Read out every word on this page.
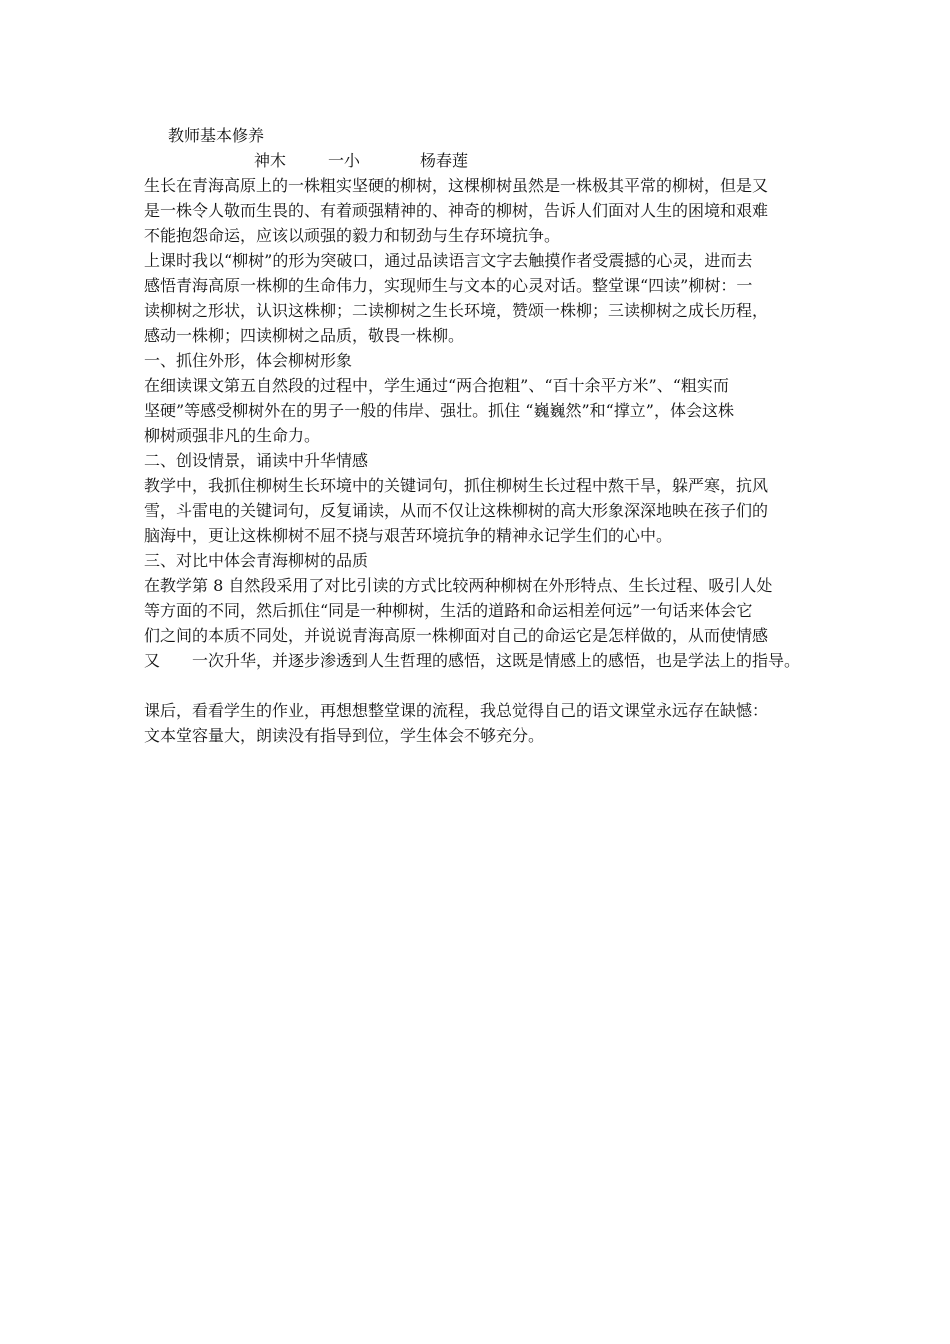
教师基本修养
神木	一小	杨春莲
生长在青海高原上的一株粗实坚硬的柳树，这棵柳树虽然是一株极其平常的柳树，但是又
是一株令人敬而生畏的、有着顽强精神的、神奇的柳树，告诉人们面对人生的困境和艰难
不能抱怨命运，应该以顽强的毅力和韧劲与生存环境抗争。
上课时我以“柳树”的形为突破口，通过品读语言文字去触摸作者受震撼的心灵，进而去
感悟青海高原一株柳的生命伟力，实现师生与文本的心灵对话。整堂课“四读”柳树：一
读柳树之形状，认识这株柳；二读柳树之生长环境，赞颂一株柳；三读柳树之成长历程，
感动一株柳；四读柳树之品质，敬畏一株柳。
一、抓住外形，体会柳树形象
在细读课文第五自然段的过程中，学生通过“两合抱粗”、“百十余平方米”、“粗实而
坚硬”等感受柳树外在的男子一般的伟岸、强壮。抓住 “巍巍然”和“撑立”，体会这株
柳树顽强非凡的生命力。
二、创设情景，诵读中升华情感
教学中，我抓住柳树生长环境中的关键词句，抓住柳树生长过程中熬干旱，躲严寒，抗风
雪，斗雷电的关键词句，反复诵读，从而不仅让这株柳树的高大形象深深地映在孩子们的
脑海中，更让这株柳树不屈不挠与艰苦环境抗争的精神永记学生们的心中。
三、对比中体会青海柳树的品质
在教学第 8 自然段采用了对比引读的方式比较两种柳树在外形特点、生长过程、吸引人处
等方面的不同，然后抓住“同是一种柳树，生活的道路和命运相差何远”一句话来体会它
们之间的本质不同处，并说说青海高原一株柳面对自己的命运它是怎样做的，从而使情感
又　　一次升华，并逐步渗透到人生哲理的感悟，这既是情感上的感悟，也是学法上的指导。
课后，看看学生的作业，再想想整堂课的流程，我总觉得自己的语文课堂永远存在缺憾：
文本堂容量大，朗读没有指导到位，学生体会不够充分。
